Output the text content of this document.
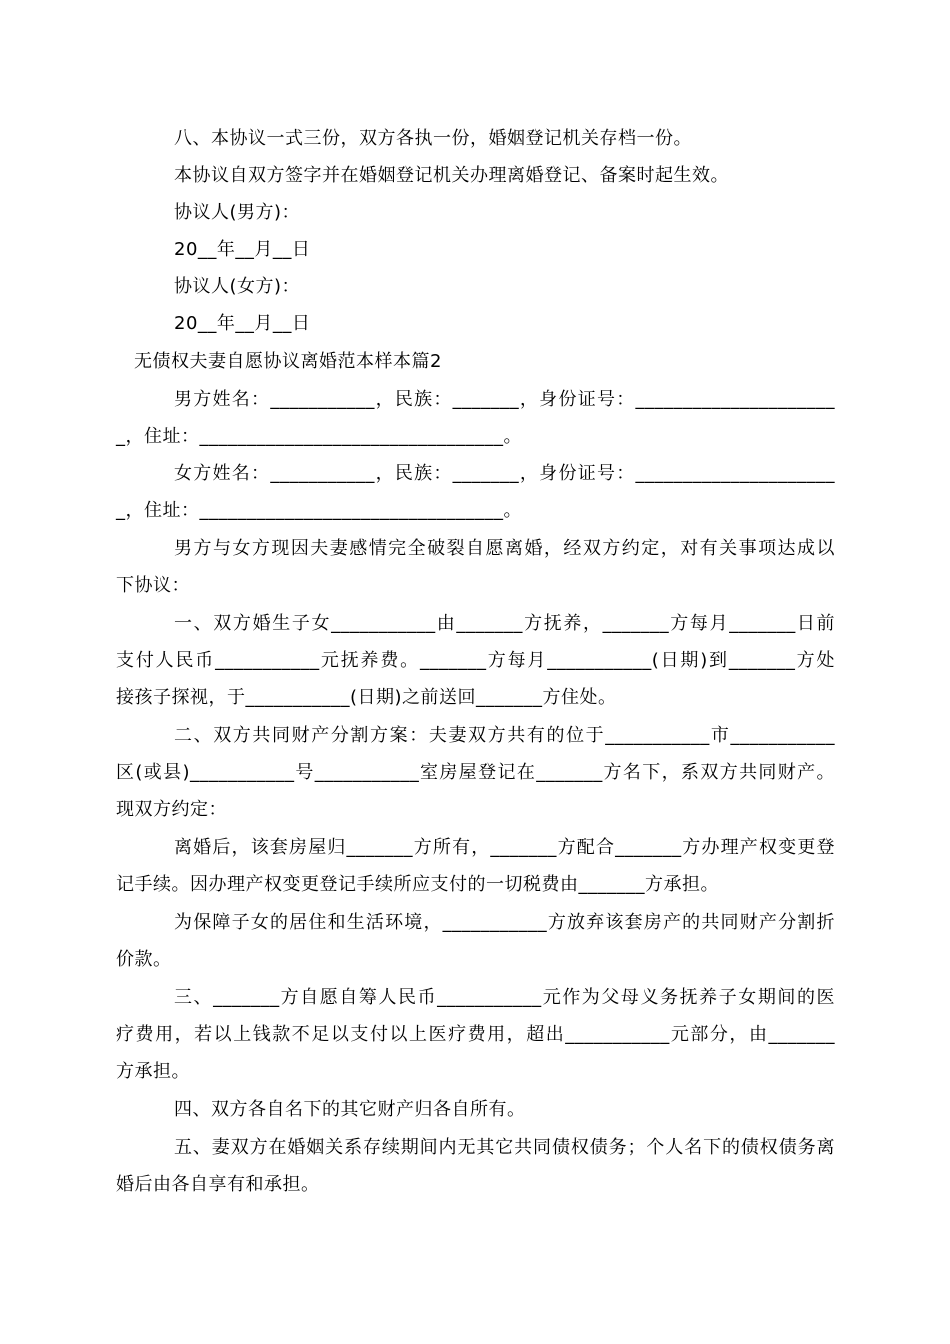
八、本协议一式三份，双方各执一份，婚姻登记机关存档一份。

本协议自双方签字并在婚姻登记机关办理离婚登记、备案时起生效。

协议人(男方)：

20__年__月__日

协议人(女方)：

20__年__月__日

无债权夫妻自愿协议离婚范本样本篇2

男方姓名：___________，民族：_______，身份证号：_____________________

_，住址：________________________________。

女方姓名：___________，民族：_______，身份证号：_____________________

_，住址：________________________________。

男方与女方现因夫妻感情完全破裂自愿离婚，经双方约定，对有关事项达成以

下协议：

一、双方婚生子女___________由_______方抚养，_______方每月_______日前

支付人民币___________元抚养费。_______方每月___________(日期)到_______方处

接孩子探视，于___________(日期)之前送回_______方住处。

二、双方共同财产分割方案：夫妻双方共有的位于___________市___________

区(或县)___________号___________室房屋登记在_______方名下，系双方共同财产。

现双方约定：

离婚后，该套房屋归_______方所有，_______方配合_______方办理产权变更登

记手续。因办理产权变更登记手续所应支付的一切税费由_______方承担。

为保障子女的居住和生活环境，___________方放弃该套房产的共同财产分割折

价款。

三、_______方自愿自筹人民币___________元作为父母义务抚养子女期间的医

疗费用，若以上钱款不足以支付以上医疗费用，超出___________元部分，由_______

方承担。

四、双方各自名下的其它财产归各自所有。

五、妻双方在婚姻关系存续期间内无其它共同债权债务；个人名下的债权债务离

婚后由各自享有和承担。
